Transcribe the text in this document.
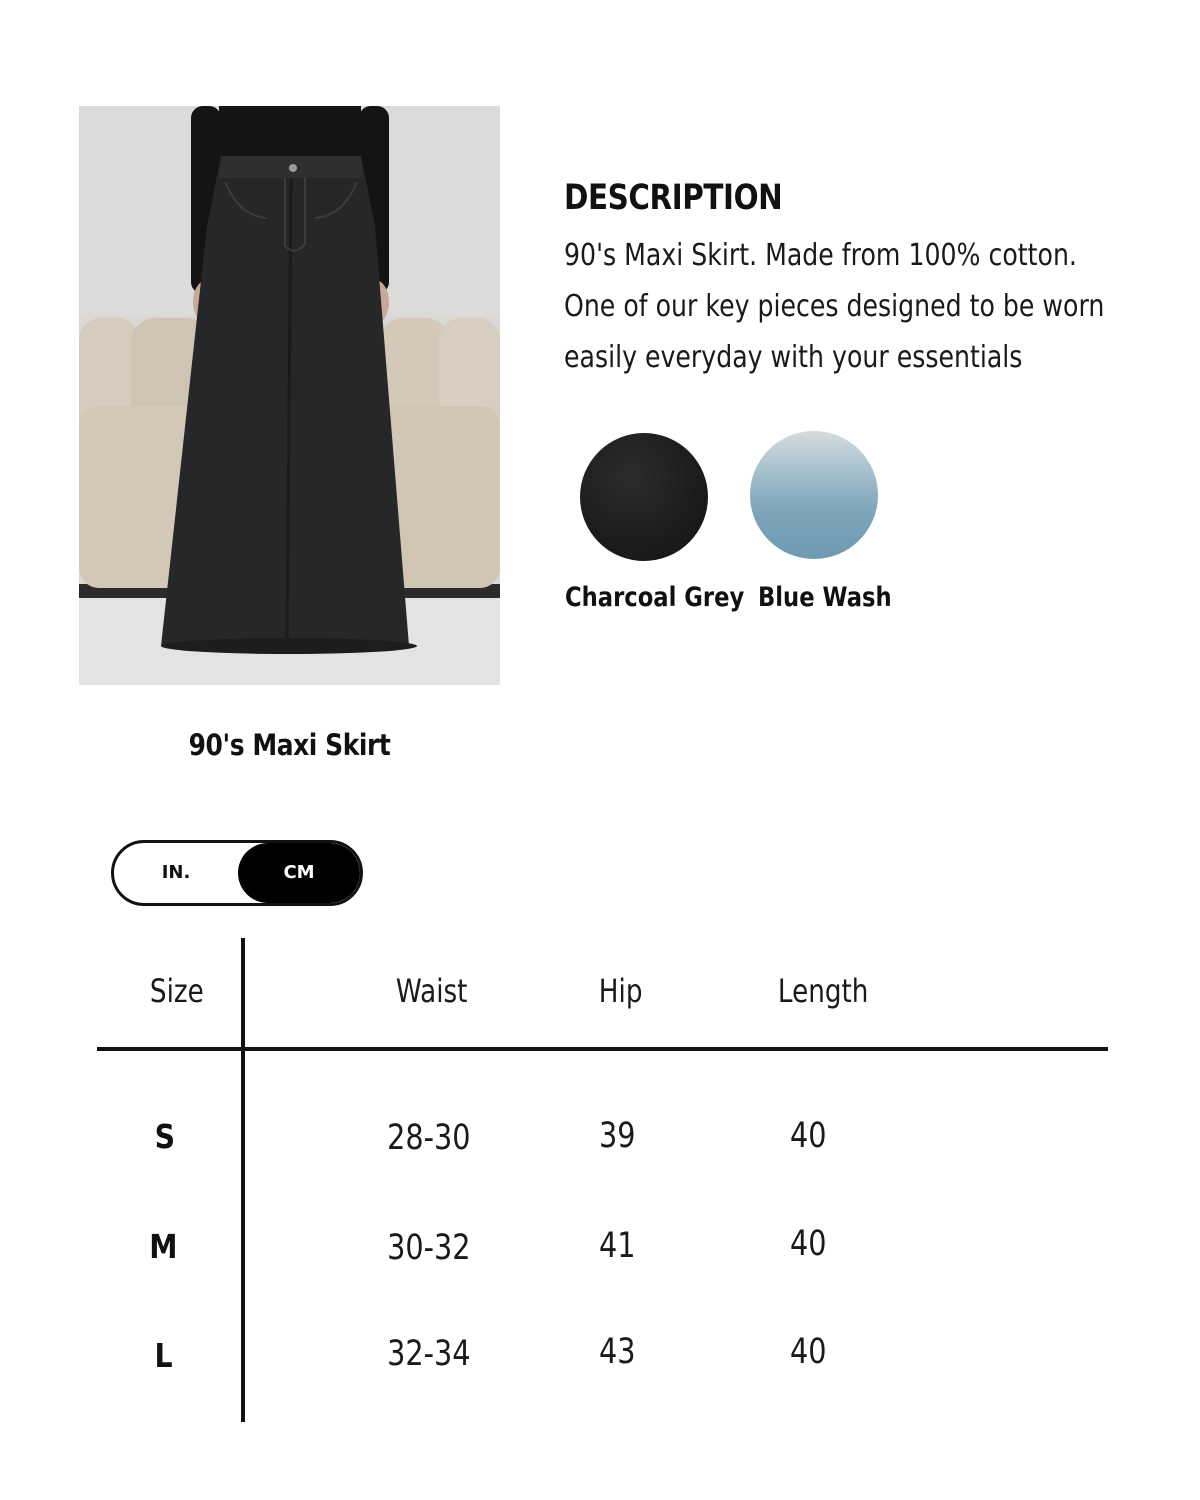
90's Maxi Skirt
DESCRIPTION
90's Maxi Skirt. Made from 100% cotton. One of our key pieces designed to be worn easily everyday with your essentials
Charcoal Grey Blue Wash
IN.	CM
Size	Waist	Hip	Length
S	28-30	39	40
M	30-32	41	40
L	32-34	43	40
